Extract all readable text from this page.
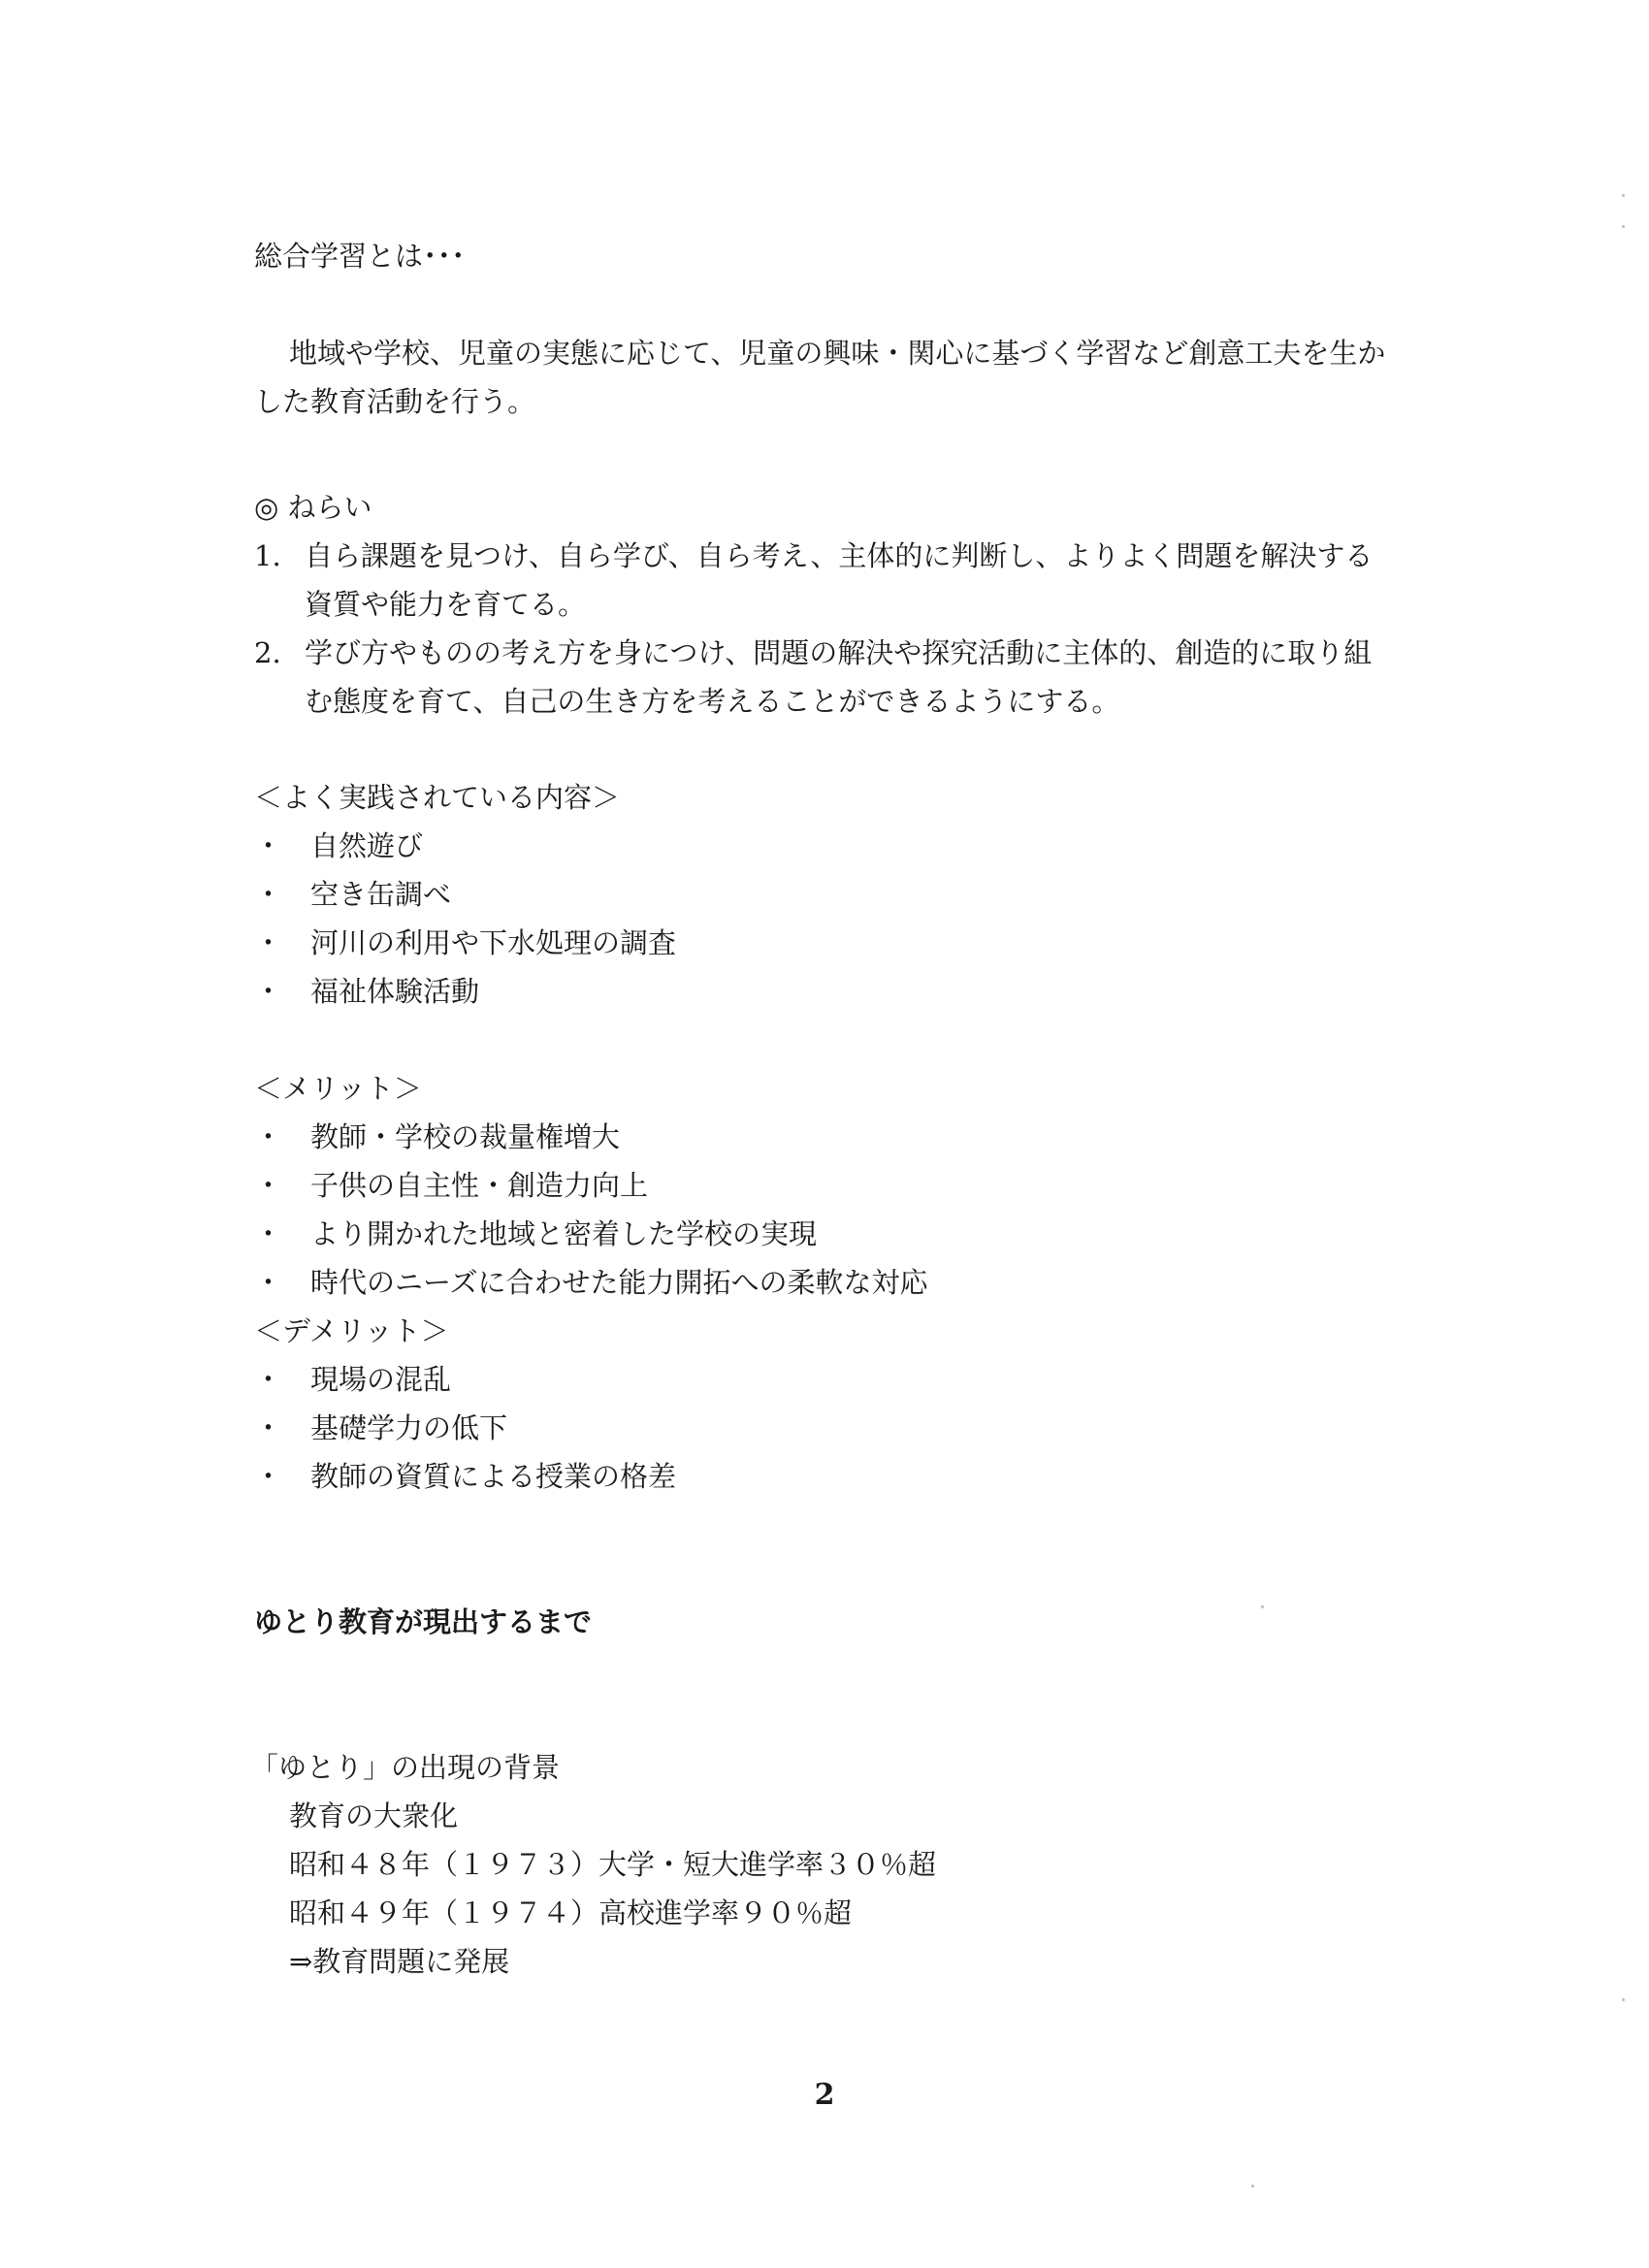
総合学習とは･･･
地域や学校、児童の実態に応じて、児童の興味・関心に基づく学習など創意工夫を生か
した教育活動を行う。
◎ ねらい
1. 自ら課題を見つけ、自ら学び、自ら考え、主体的に判断し、よりよく問題を解決する
資質や能力を育てる。
2. 学び方やものの考え方を身につけ、問題の解決や探究活動に主体的、創造的に取り組
む態度を育て、自己の生き方を考えることができるようにする。
＜よく実践されている内容＞
・ 自然遊び
・ 空き缶調べ
・ 河川の利用や下水処理の調査
・ 福祉体験活動
＜メリット＞
・ 教師・学校の裁量権増大
・ 子供の自主性・創造力向上
・ より開かれた地域と密着した学校の実現
・ 時代のニーズに合わせた能力開拓への柔軟な対応
＜デメリット＞
・ 現場の混乱
・ 基礎学力の低下
・ 教師の資質による授業の格差
ゆとり教育が現出するまで
「ゆとり」の出現の背景
教育の大衆化
昭和４８年（１９７３）大学・短大進学率３０％超
昭和４９年（１９７４）高校進学率９０％超
⇒教育問題に発展
2
